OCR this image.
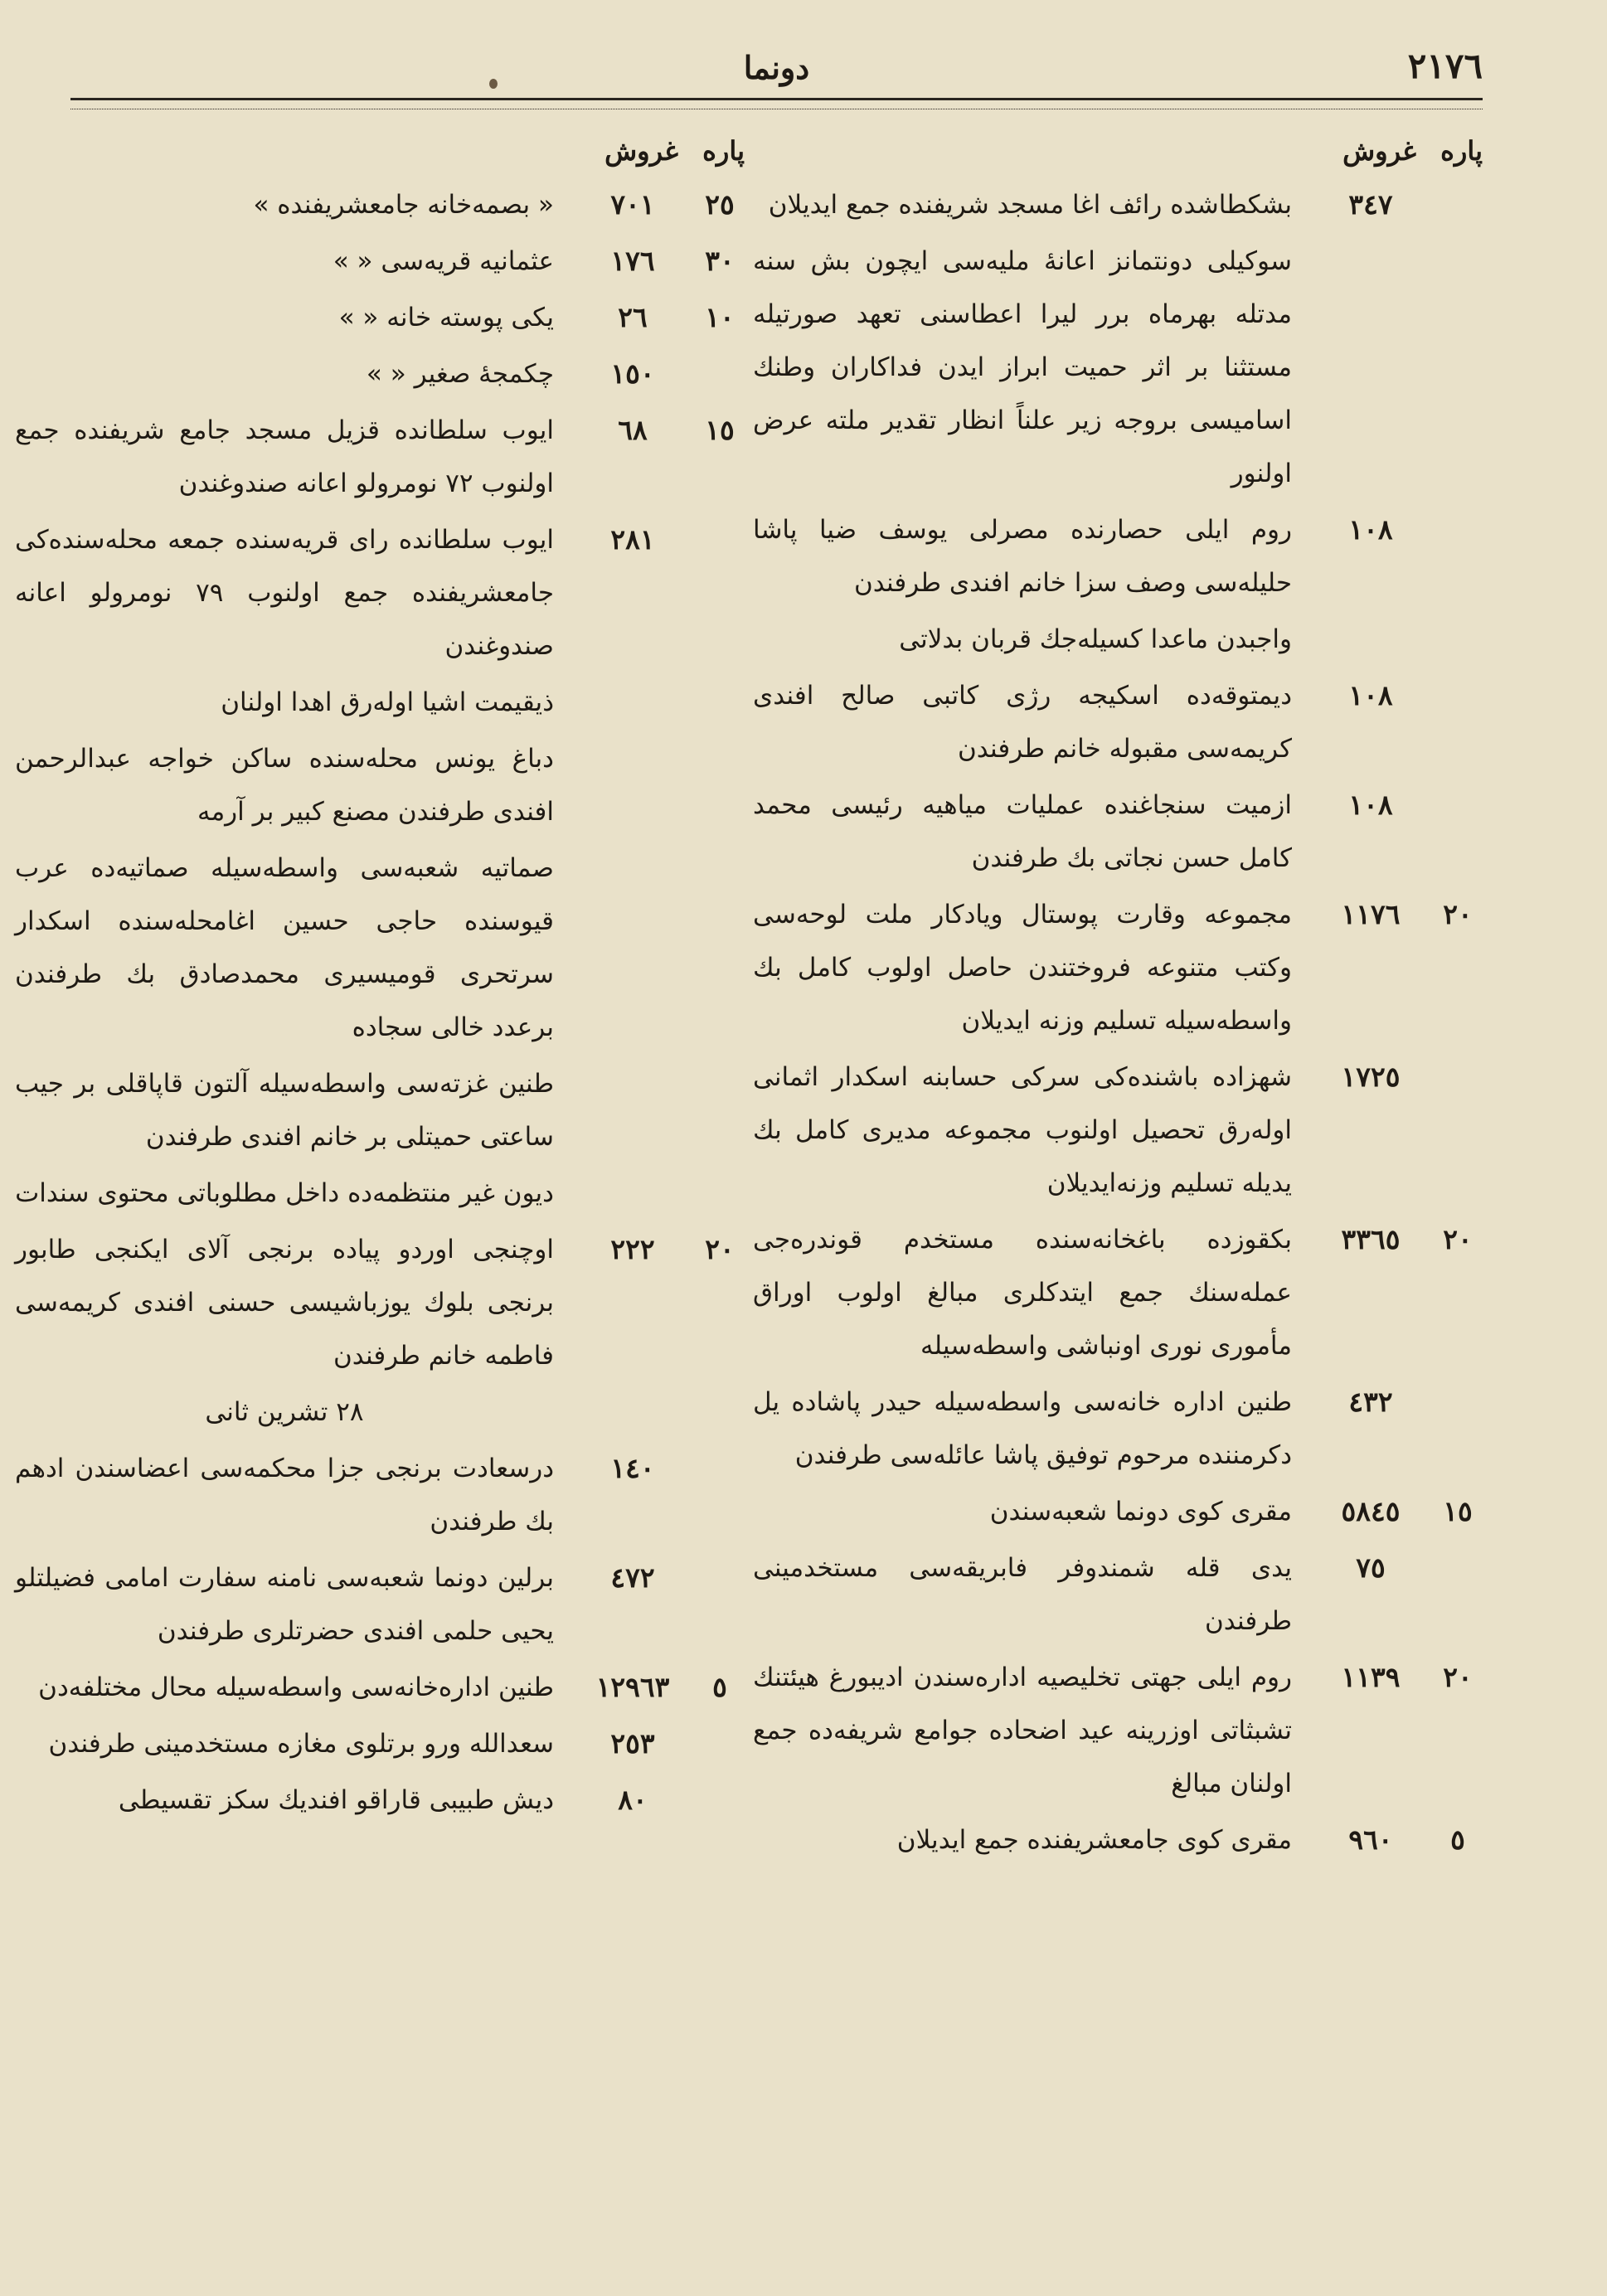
٢١٧٦
دونما
پاره
غروش
٣٤٧
بشكطاشده رائف اغا مسجد شريفنده جمع ايديلان
سوكيلى دونتمانز اعانۀ مليه‌سى ايچون بش سنه مدتله بهرماه برر ليرا اعطاسنى تعهد صورتيله مستثنا بر اثر حميت ابراز ايدن فداكاران وطنك اساميسى بروجه زير علناً انظار تقدير ملته عرض اولنور
١٠٨
روم ايلى حصارنده مصرلى يوسف ضيا پاشا حليله‌سى وصف سزا خانم افندى طرفندن
واجبدن ماعدا كسيله‌جك قربان بدلاتى
١٠٨
ديمتوقه‌ده اسكيجه رژى كاتبى صالح افندى كريمه‌سى مقبوله خانم طرفندن
١٠٨
ازميت سنجاغنده عمليات مياهيه رئيسى محمد كامل حسن نجاتى بك طرفندن
٢٠
١١٧٦
مجموعه وقارت پوستال ويادكار ملت لوحه‌سى وكتب متنوعه فروختندن حاصل اولوب كامل بك واسطه‌سيله تسليم وزنه ايديلان
١٧٢٥
شهزاده باشنده‌كى سركى حسابنه اسكدار اثمانى اوله‌رق تحصيل اولنوب مجموعه مديرى كامل بك يديله تسليم وزنه‌ايديلان
٢٠
٣٣٦٥
بكقوزده باغخانه‌سنده مستخدم قوندره‌جى عمله‌سنك جمع ايتدكلرى مبالغ اولوب اوراق مأمورى نورى اونباشى واسطه‌سيله
٤٣٢
طنين اداره خانه‌سى واسطه‌سيله حيدر پاشاده يل دكرمننده مرحوم توفيق پاشا عائله‌سى طرفندن
١٥
٥٨٤٥
مقرى كوى دونما شعبه‌سندن
٧٥
يدى قله شمندوفر فابريقه‌سى مستخدمينى طرفندن
٢٠
١١٣٩
روم ايلى جهتى تخليصيه اداره‌سندن اديبورغ هيئتنك تشبثاتى اوزرينه عيد اضحاده جوامع شريفه‌ده جمع اولنان مبالغ
٥
٩٦٠
مقرى كوى جامعشريفنده جمع ايديلان
پاره
غروش
٢٥
٧٠١
« بصمه‌خانه جامعشريفنده »
٣٠
١٧٦
عثمانيه قريه‌سى « »
١٠
٢٦
يكى پوسته خانه « »
١٥٠
چكمجۀ صغير « »
١٥
٦٨
ايوب سلطانده قزيل مسجد جامع شريفنده جمع اولنوب ٧٢ نومرولو اعانه صندوغندن
٢٨١
ايوب سلطانده راى قريه‌سنده جمعه محله‌سنده‌كى جامعشريفنده جمع اولنوب ٧٩ نومرولو اعانه صندوغندن
ذيقيمت اشيا اوله‌رق اهدا اولنان
دباغ يونس محله‌سنده ساكن خواجه عبدالرحمن افندى طرفندن مصنع كبير بر آرمه
صماتيه شعبه‌سى واسطه‌سيله صماتيه‌ده عرب قيوسنده حاجى حسين اغامحله‌سنده اسكدار سرتحرى قوميسيرى محمدصادق بك طرفندن برعدد خالى سجاده
طنين غزته‌سى واسطه‌سيله آلتون قاپاقلى بر جيب ساعتى حميتلى بر خانم افندى طرفندن
ديون غير منتظمه‌ده داخل مطلوباتى محتوى سندات
٢٠
٢٢٢
اوچنجى اوردو پياده برنجى آلاى ايكنجى طابور برنجى بلوك يوزباشيسى حسنى افندى كريمه‌سى فاطمه خانم طرفندن
٢٨ تشرين ثانى
١٤٠
درسعادت برنجى جزا محكمه‌سى اعضاسندن ادهم بك طرفندن
٤٧٢
برلين دونما شعبه‌سى نامنه سفارت امامى فضيلتلو يحيى حلمى افندى حضرتلرى طرفندن
٥
١٢٩٦٣
طنين اداره‌خانه‌سى واسطه‌سيله محال مختلفه‌دن
٢٥٣
سعدالله ورو برتلوى مغازه مستخدمينى طرفندن
٨٠
ديش طبيبى قاراقو افنديك سكز تقسيطى
